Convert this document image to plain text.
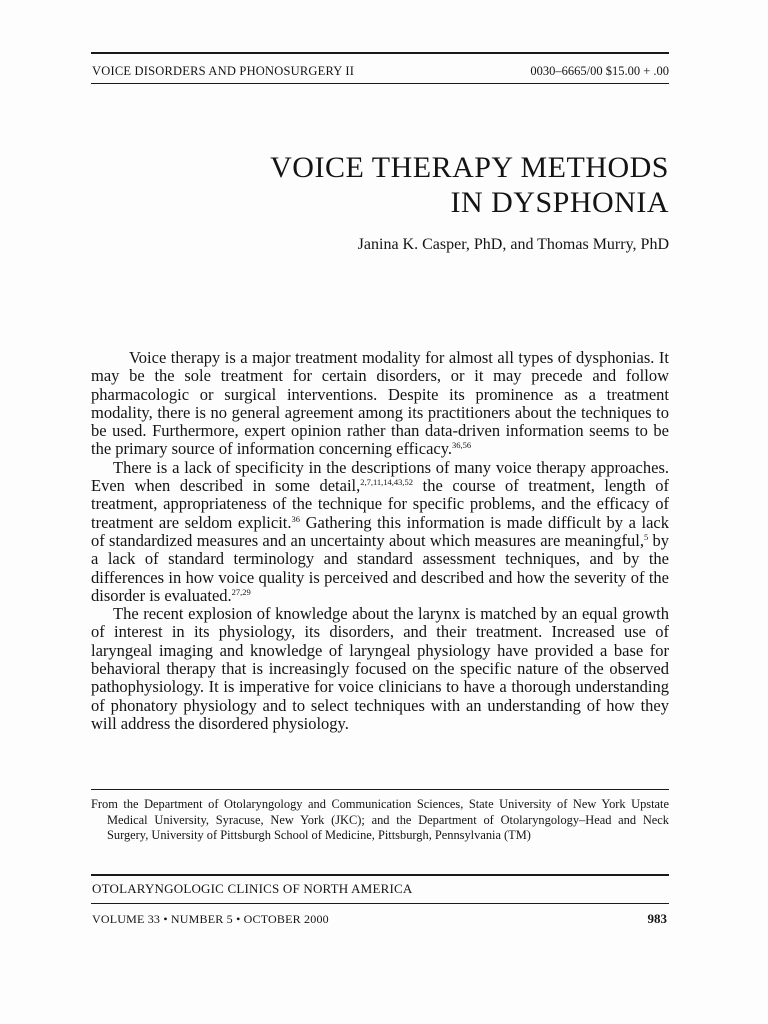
VOICE DISORDERS AND PHONOSURGERY II	0030–6665/00 $15.00 + .00
VOICE THERAPY METHODS
IN DYSPHONIA
Janina K. Casper, PhD, and Thomas Murry, PhD

Voice therapy is a major treatment modality for almost all types of dysphonias. It may be the sole treatment for certain disorders, or it may precede and follow pharmacologic or surgical interventions. Despite its prominence as a treatment modality, there is no general agreement among its practitioners about the techniques to be used. Furthermore, expert opinion rather than data-driven information seems to be the primary source of information concerning efficacy.$^{36,56}$

There is a lack of specificity in the descriptions of many voice therapy approaches. Even when described in some detail,$^{2,7,11,14,43,52}$ the course of treatment, length of treatment, appropriateness of the technique for specific problems, and the efficacy of treatment are seldom explicit.$^{36}$ Gathering this information is made difficult by a lack of standardized measures and an uncertainty about which measures are meaningful,$^5$ by a lack of standard terminology and standard assessment techniques, and by the differences in how voice quality is perceived and described and how the severity of the disorder is evaluated.$^{27,29}$

The recent explosion of knowledge about the larynx is matched by an equal growth of interest in its physiology, its disorders, and their treatment. Increased use of laryngeal imaging and knowledge of laryngeal physiology have provided a base for behavioral therapy that is increasingly focused on the specific nature of the observed pathophysiology. It is imperative for voice clinicians to have a thorough understanding of phonatory physiology and to select techniques with an understanding of how they will address the disordered physiology.

From the Department of Otolaryngology and Communication Sciences, State University of New York Upstate Medical University, Syracuse, New York (JKC); and the Department of Otolaryngology–Head and Neck Surgery, University of Pittsburgh School of Medicine, Pittsburgh, Pennsylvania (TM)
OTOLARYNGOLOGIC CLINICS OF NORTH AMERICA
VOLUME 33 • NUMBER 5 • OCTOBER 2000	983
